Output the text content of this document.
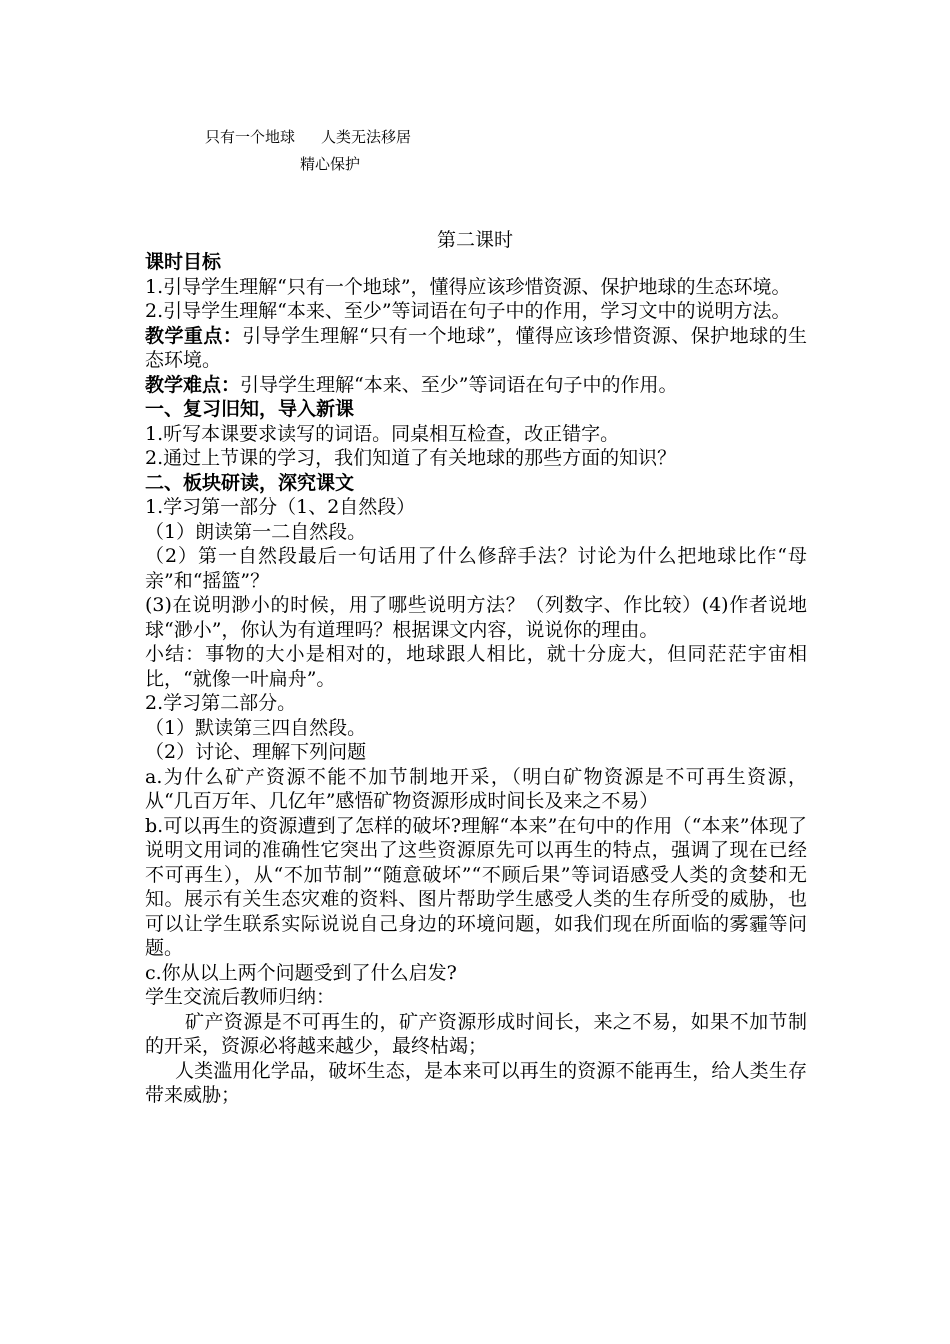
只有一个地球 人类无法移居
精心保护
第二课时

课时目标

1.引导学生理解“只有一个地球”，懂得应该珍惜资源、保护地球的生态环境。

2.引导学生理解“本来、至少”等词语在句子中的作用，学习文中的说明方法。

教学重点：引导学生理解“只有一个地球”，懂得应该珍惜资源、保护地球的生态环境。

教学难点：引导学生理解“本来、至少”等词语在句子中的作用。

一、复习旧知，导入新课

1.听写本课要求读写的词语。同桌相互检查，改正错字。

2.通过上节课的学习，我们知道了有关地球的那些方面的知识？

二、板块研读，深究课文

1.学习第一部分（1、2自然段）

（1）朗读第一二自然段。

（2）第一自然段最后一句话用了什么修辞手法？讨论为什么把地球比作“母亲”和“摇篮”？

(3)在说明渺小的时候，用了哪些说明方法？（列数字、作比较）(4)作者说地球“渺小”，你认为有道理吗？根据课文内容，说说你的理由。

小结：事物的大小是相对的，地球跟人相比，就十分庞大，但同茫茫宇宙相比，“就像一叶扁舟”。

2.学习第二部分。

（1）默读第三四自然段。

（2）讨论、理解下列问题

a.为什么矿产资源不能不加节制地开采，（明白矿物资源是不可再生资源，从“几百万年、几亿年”感悟矿物资源形成时间长及来之不易）

b.可以再生的资源遭到了怎样的破坏?理解“本来”在句中的作用（“本来”体现了说明文用词的准确性它突出了这些资源原先可以再生的特点，强调了现在已经不可再生），从“不加节制”“随意破坏”“不顾后果”等词语感受人类的贪婪和无知。展示有关生态灾难的资料、图片帮助学生感受人类的生存所受的威胁，也可以让学生联系实际说说自己身边的环境问题，如我们现在所面临的雾霾等问题。

c.你从以上两个问题受到了什么启发?

学生交流后教师归纳：

矿产资源是不可再生的，矿产资源形成时间长，来之不易，如果不加节制的开采，资源必将越来越少，最终枯竭；

人类滥用化学品，破坏生态，是本来可以再生的资源不能再生，给人类生存带来威胁；
